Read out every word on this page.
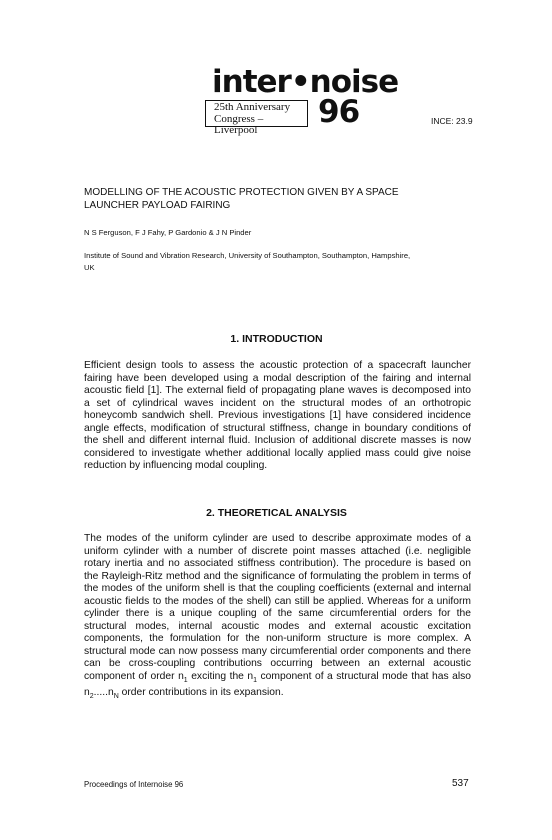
inter•noise
25th Anniversary
Congress – Liverpool	96	INCE: 23.9
MODELLING OF THE ACOUSTIC PROTECTION GIVEN BY A SPACE
LAUNCHER PAYLOAD FAIRING
N S Ferguson, F J Fahy, P Gardonio & J N Pinder
Institute of Sound and Vibration Research, University of Southampton, Southampton, Hampshire,
UK
1. INTRODUCTION

Efficient design tools to assess the acoustic protection of a spacecraft launcher fairing have been developed using a modal description of the fairing and internal acoustic field [1]. The external field of propagating plane waves is decomposed into a set of cylindrical waves incident on the structural modes of an orthotropic honeycomb sandwich shell. Previous investigations [1] have considered incidence angle effects, modification of structural stiffness, change in boundary conditions of the shell and different internal fluid. Inclusion of additional discrete masses is now considered to investigate whether additional locally applied mass could give noise reduction by influencing modal coupling.

2. THEORETICAL ANALYSIS

The modes of the uniform cylinder are used to describe approximate modes of a uniform cylinder with a number of discrete point masses attached (i.e. negligible rotary inertia and no associated stiffness contribution). The procedure is based on the Rayleigh-Ritz method and the significance of formulating the problem in terms of the modes of the uniform shell is that the coupling coefficients (external and internal acoustic fields to the modes of the shell) can still be applied. Whereas for a uniform cylinder there is a unique coupling of the same circumferential orders for the structural modes, internal acoustic modes and external acoustic excitation components, the formulation for the non-uniform structure is more complex. A structural mode can now possess many circumferential order components and there can be cross-coupling contributions occurring between an external acoustic component of order $n_1$ exciting the $n_1$ component of a structural mode that has also $n_2.....n_N$ order contributions in its expansion.

Proceedings of Internoise 96	537
